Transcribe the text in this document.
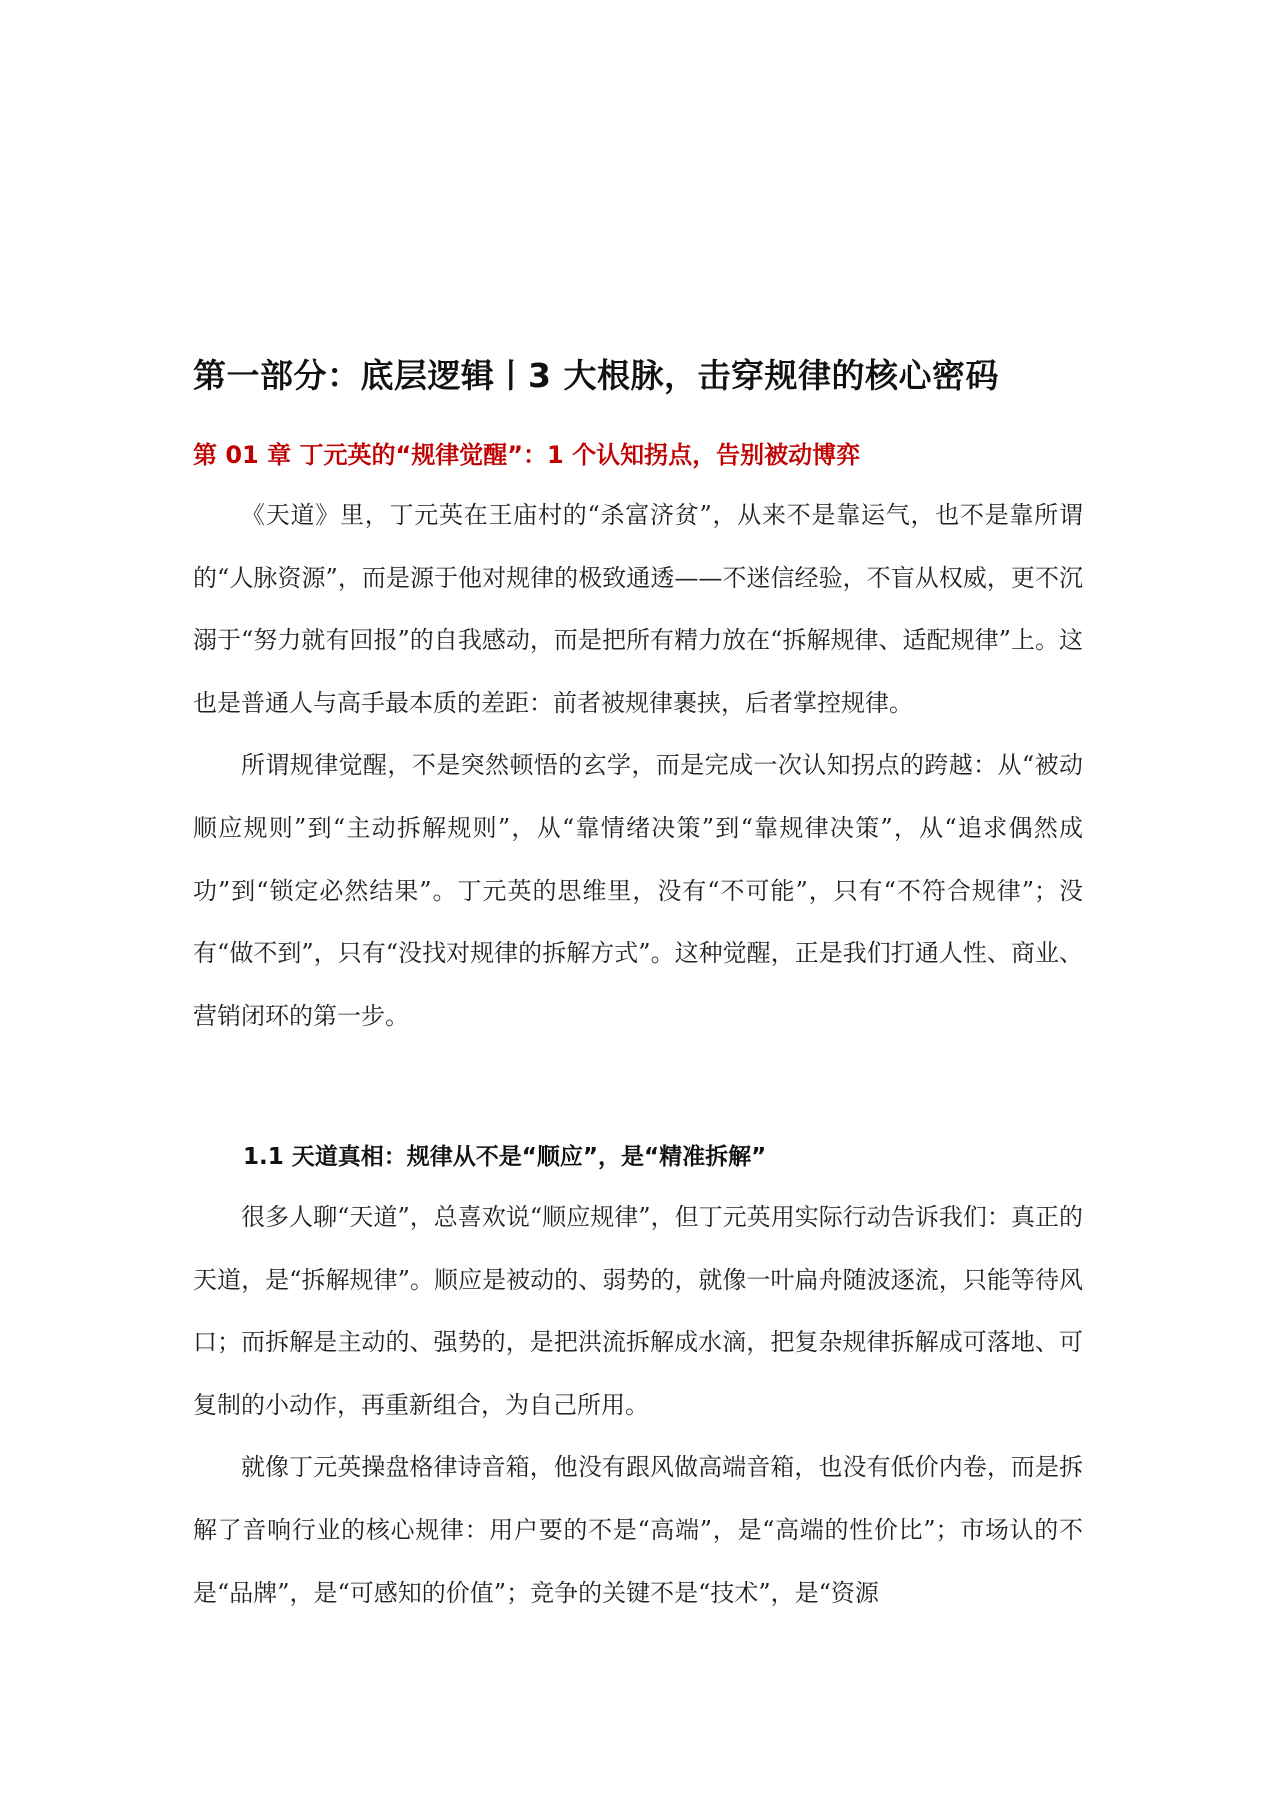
第一部分：底层逻辑丨3 大根脉，击穿规律的核心密码
第 01 章 丁元英的“规律觉醒”：1 个认知拐点，告别被动博弈

《天道》里，丁元英在王庙村的“杀富济贫”，从来不是靠运气，也不是靠所谓的“人脉资源”，而是源于他对规律的极致通透——不迷信经验，不盲从权威，更不沉溺于“努力就有回报”的自我感动，而是把所有精力放在“拆解规律、适配规律”上。这也是普通人与高手最本质的差距：前者被规律裹挟，后者掌控规律。

所谓规律觉醒，不是突然顿悟的玄学，而是完成一次认知拐点的跨越：从“被动顺应规则”到“主动拆解规则”，从“靠情绪决策”到“靠规律决策”，从“追求偶然成功”到“锁定必然结果”。丁元英的思维里，没有“不可能”，只有“不符合规律”；没有“做不到”，只有“没找对规律的拆解方式”。这种觉醒，正是我们打通人性、商业、营销闭环的第一步。

1.1 天道真相：规律从不是“顺应”，是“精准拆解”

很多人聊“天道”，总喜欢说“顺应规律”，但丁元英用实际行动告诉我们：真正的天道，是“拆解规律”。顺应是被动的、弱势的，就像一叶扁舟随波逐流，只能等待风口；而拆解是主动的、强势的，是把洪流拆解成水滴，把复杂规律拆解成可落地、可复制的小动作，再重新组合，为自己所用。

就像丁元英操盘格律诗音箱，他没有跟风做高端音箱，也没有低价内卷，而是拆解了音响行业的核心规律：用户要的不是“高端”，是“高端的性价比”；市场认的不是“品牌”，是“可感知的价值”；竞争的关键不是“技术”，是“资源
